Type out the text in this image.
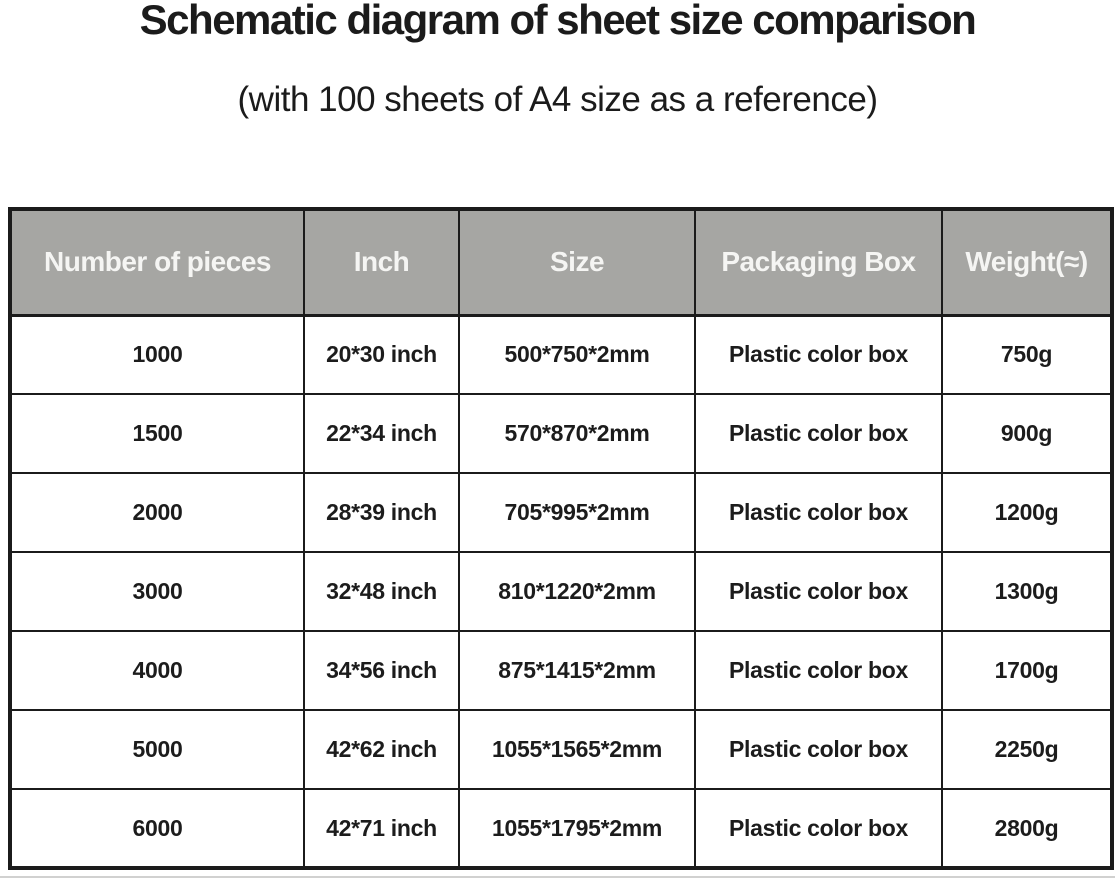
Schematic diagram of sheet size comparison
(with 100 sheets of A4 size as a reference)
Number of pieces	Inch	Size	Packaging Box	Weight(≈)
1000	20*30 inch	500*750*2mm	Plastic color box	750g
1500	22*34 inch	570*870*2mm	Plastic color box	900g
2000	28*39 inch	705*995*2mm	Plastic color box	1200g
3000	32*48 inch	810*1220*2mm	Plastic color box	1300g
4000	34*56 inch	875*1415*2mm	Plastic color box	1700g
5000	42*62 inch	1055*1565*2mm	Plastic color box	2250g
6000	42*71 inch	1055*1795*2mm	Plastic color box	2800g
